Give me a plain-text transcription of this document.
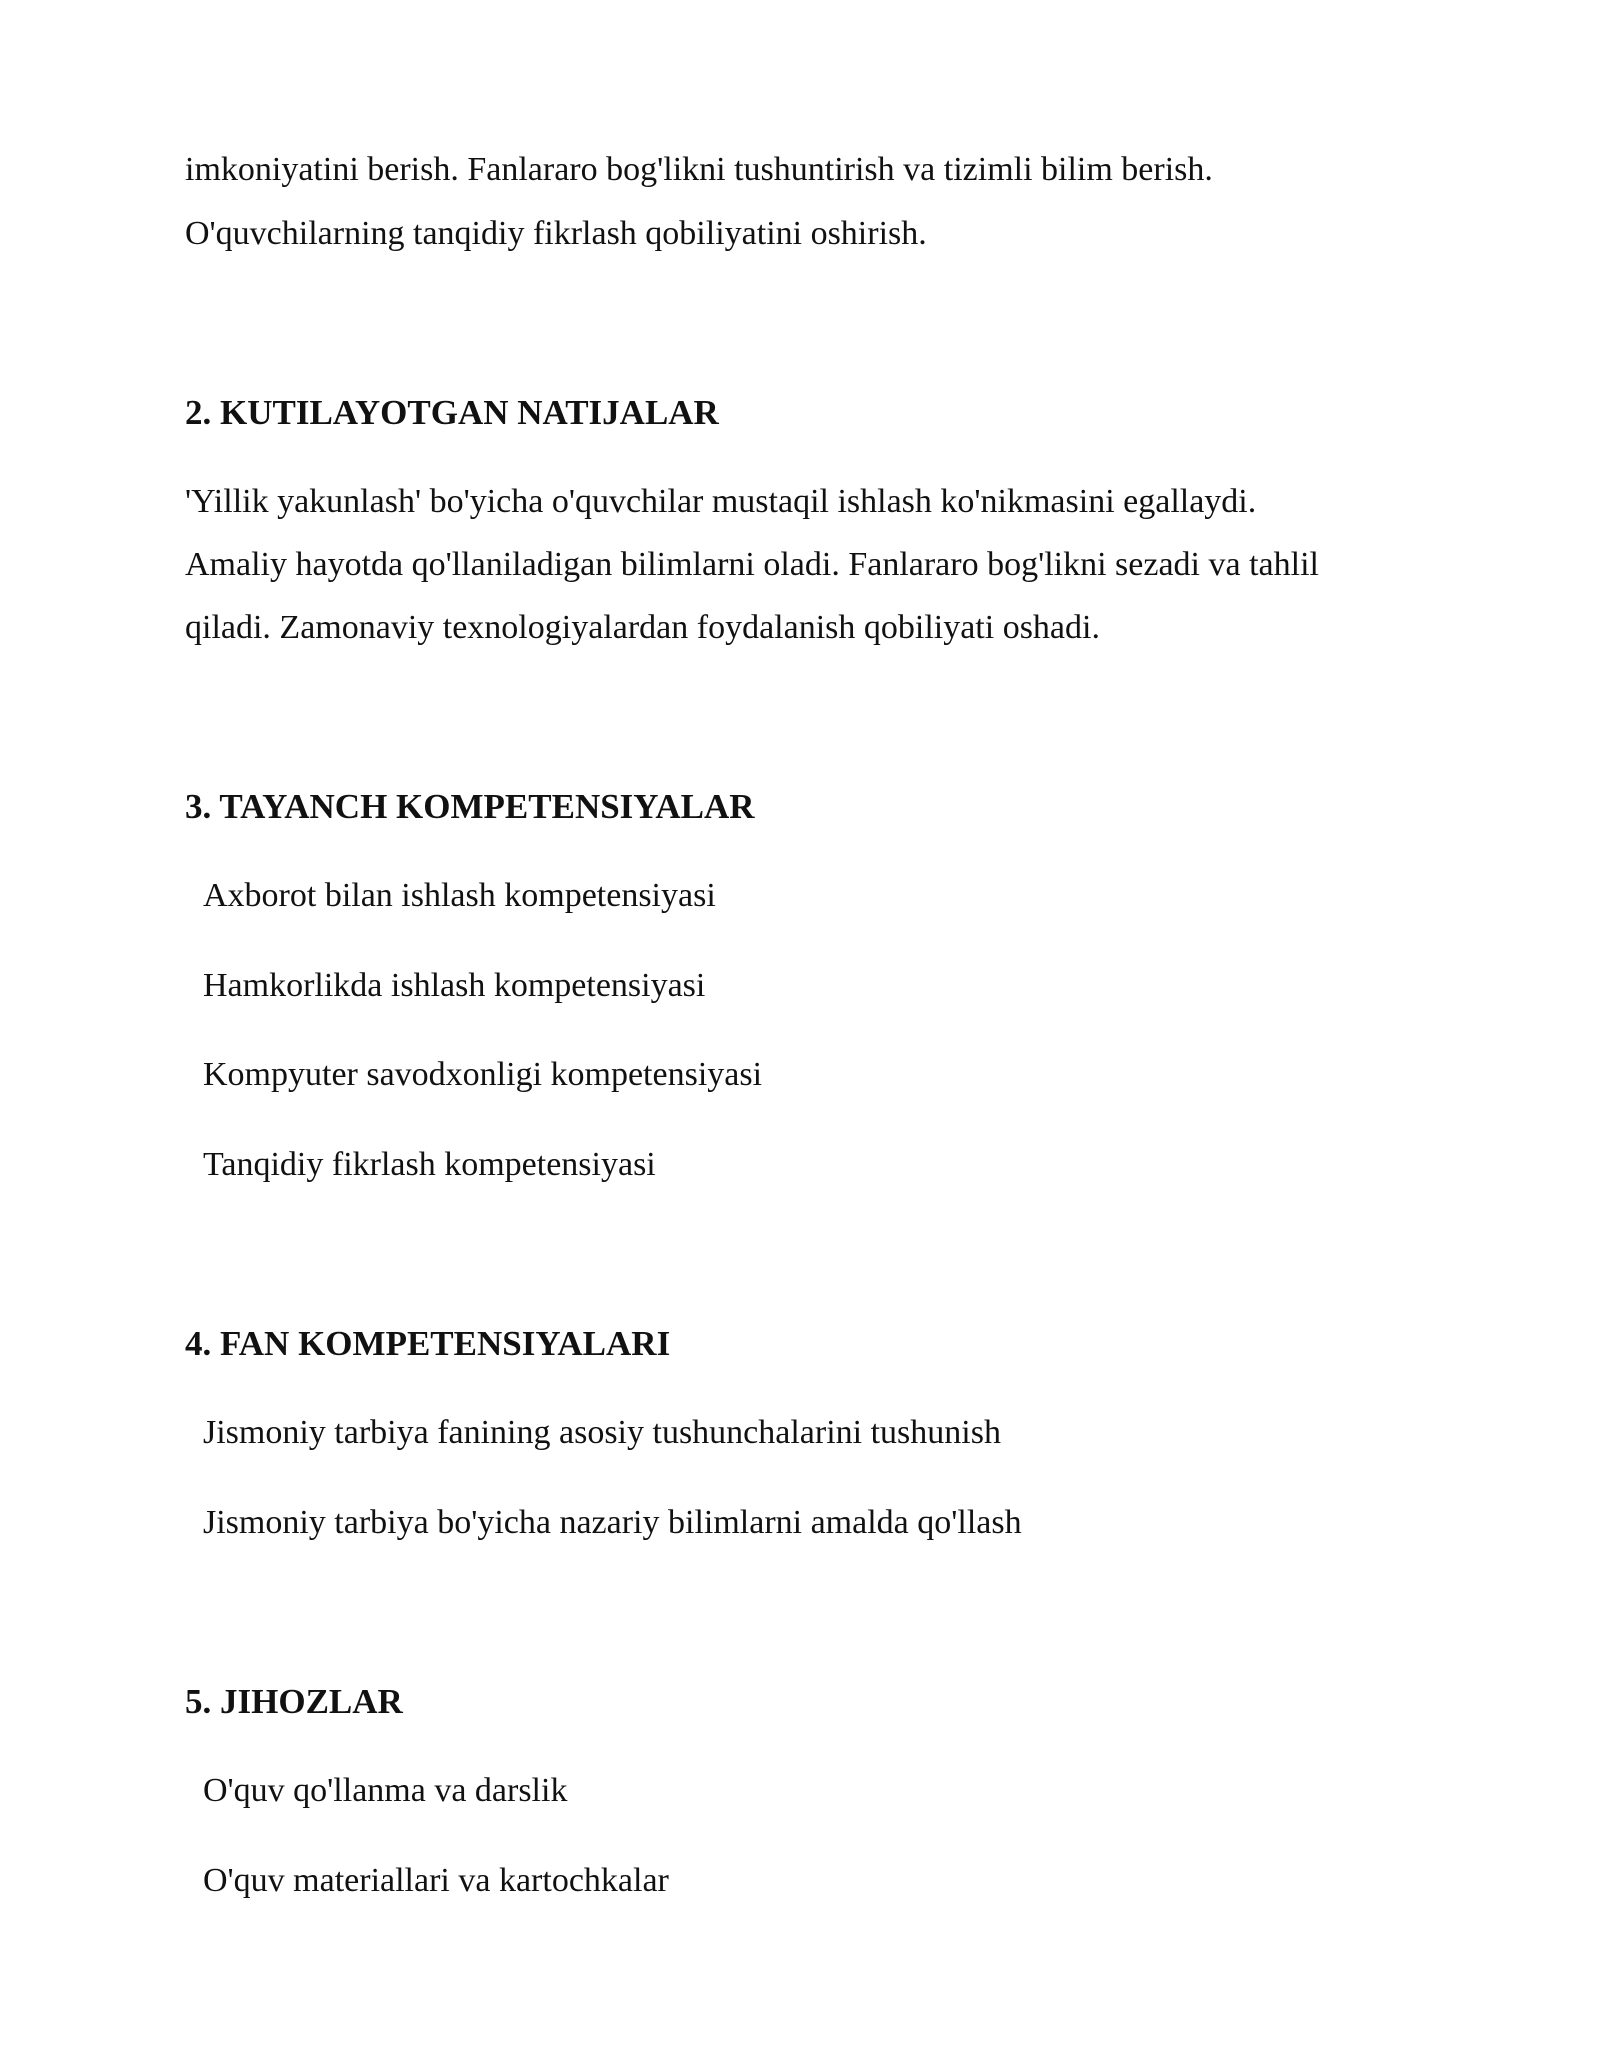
imkoniyatini berish. Fanlararo bog'likni tushuntirish va tizimli bilim berish.
O'quvchilarning tanqidiy fikrlash qobiliyatini oshirish.
2. KUTILAYOTGAN NATIJALAR
'Yillik yakunlash' bo'yicha o'quvchilar mustaqil ishlash ko'nikmasini egallaydi.
Amaliy hayotda qo'llaniladigan bilimlarni oladi. Fanlararo bog'likni sezadi va tahlil
qiladi. Zamonaviy texnologiyalardan foydalanish qobiliyati oshadi.
3. TAYANCH KOMPETENSIYALAR
Axborot bilan ishlash kompetensiyasi
Hamkorlikda ishlash kompetensiyasi
Kompyuter savodxonligi kompetensiyasi
Tanqidiy fikrlash kompetensiyasi
4. FAN KOMPETENSIYALARI
Jismoniy tarbiya fanining asosiy tushunchalarini tushunish
Jismoniy tarbiya bo'yicha nazariy bilimlarni amalda qo'llash
5. JIHOZLAR
O'quv qo'llanma va darslik
O'quv materiallari va kartochkalar
